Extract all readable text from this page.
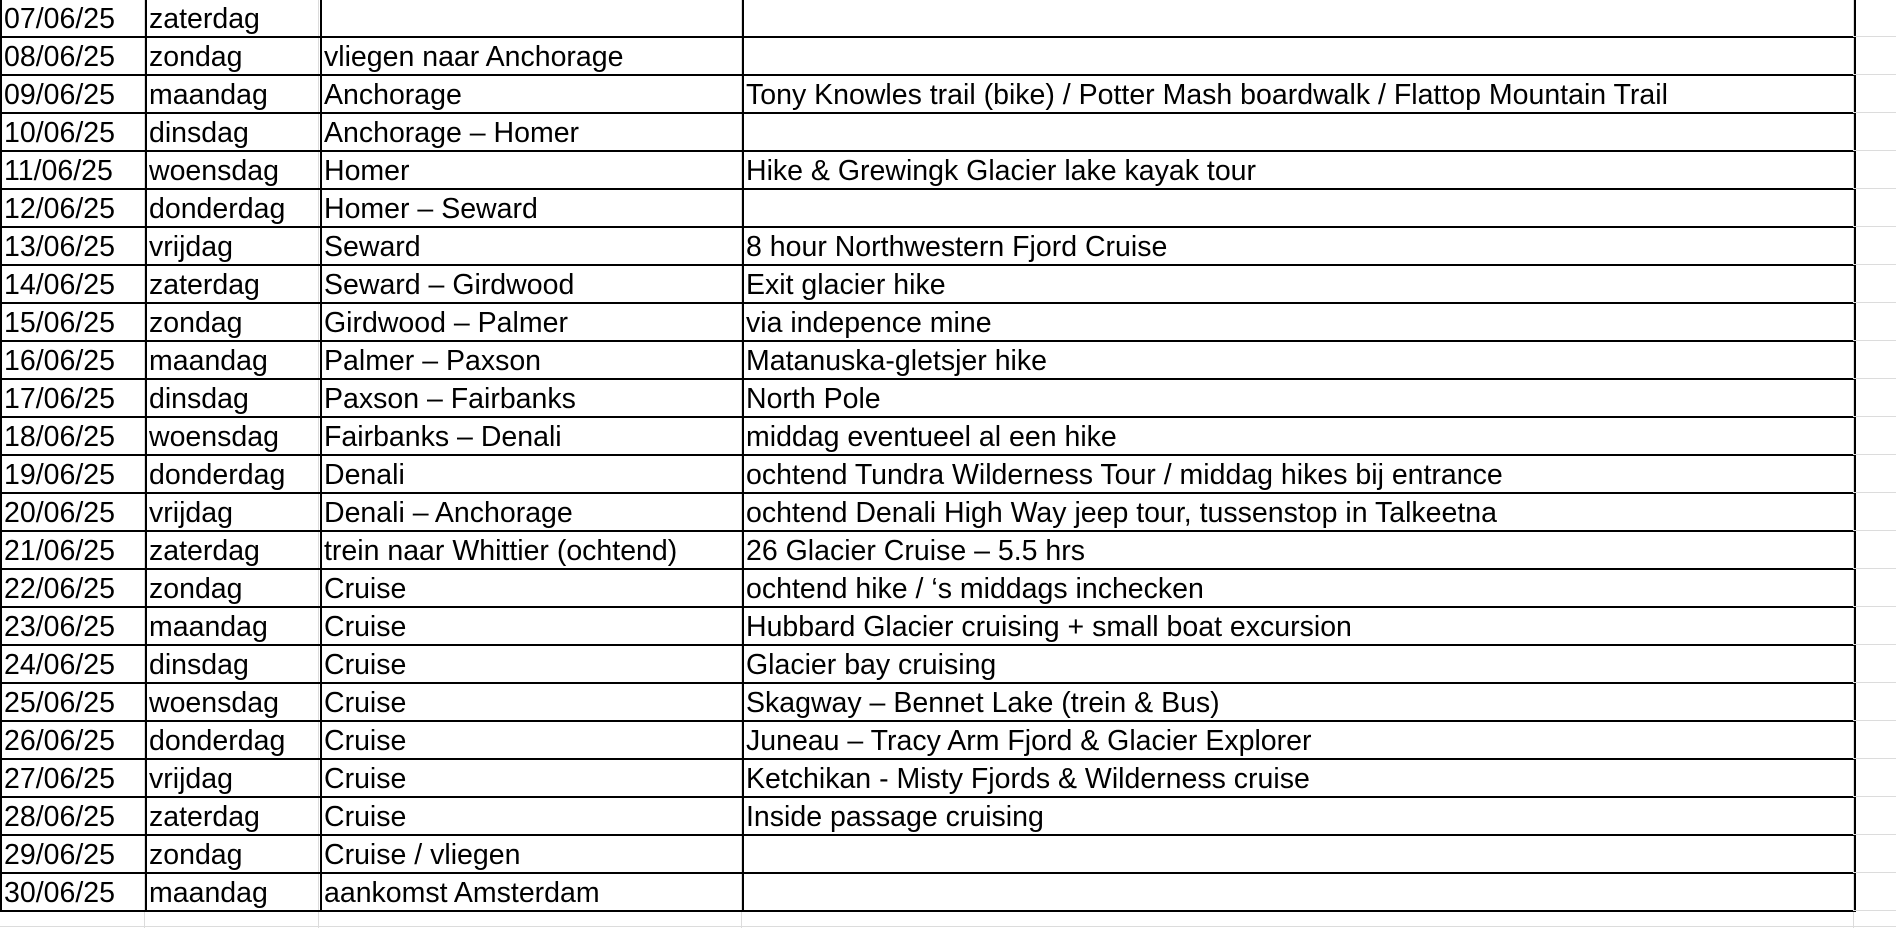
07/06/25	zaterdag		
08/06/25	zondag	vliegen naar Anchorage	
09/06/25	maandag	Anchorage	Tony Knowles trail (bike) / Potter Mash boardwalk / Flattop Mountain Trail
10/06/25	dinsdag	Anchorage – Homer	
11/06/25	woensdag	Homer	Hike & Grewingk Glacier lake kayak tour
12/06/25	donderdag	Homer – Seward	
13/06/25	vrijdag	Seward	8 hour Northwestern Fjord Cruise
14/06/25	zaterdag	Seward – Girdwood	Exit glacier hike
15/06/25	zondag	Girdwood – Palmer	via indepence mine
16/06/25	maandag	Palmer – Paxson	Matanuska-gletsjer hike
17/06/25	dinsdag	Paxson – Fairbanks	North Pole
18/06/25	woensdag	Fairbanks – Denali	middag eventueel al een hike
19/06/25	donderdag	Denali	ochtend Tundra Wilderness Tour / middag hikes bij entrance
20/06/25	vrijdag	Denali – Anchorage	ochtend Denali High Way jeep tour, tussenstop in Talkeetna
21/06/25	zaterdag	trein naar Whittier (ochtend)	26 Glacier Cruise – 5.5 hrs
22/06/25	zondag	Cruise	ochtend hike / ‘s middags inchecken
23/06/25	maandag	Cruise	Hubbard Glacier cruising + small boat excursion
24/06/25	dinsdag	Cruise	Glacier bay cruising
25/06/25	woensdag	Cruise	Skagway – Bennet Lake (trein & Bus)
26/06/25	donderdag	Cruise	Juneau – Tracy Arm Fjord & Glacier Explorer
27/06/25	vrijdag	Cruise	Ketchikan - Misty Fjords & Wilderness cruise
28/06/25	zaterdag	Cruise	Inside passage cruising
29/06/25	zondag	Cruise / vliegen	
30/06/25	maandag	aankomst Amsterdam	
